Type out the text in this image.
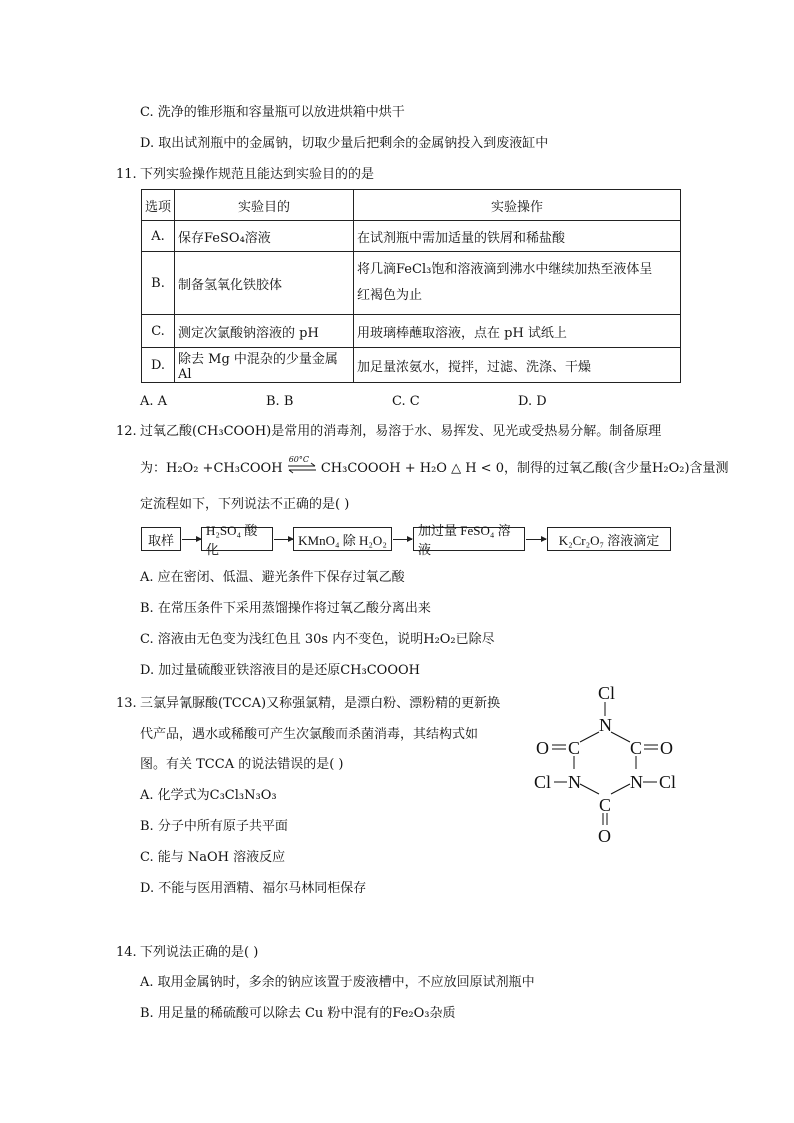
C. 洗净的锥形瓶和容量瓶可以放进烘箱中烘干
D. 取出试剂瓶中的金属钠，切取少量后把剩余的金属钠投入到废液缸中
11. 下列实验操作规范且能达到实验目的的是
选项	实验目的	实验操作
A.	保存FeSO₄溶液	在试剂瓶中需加适量的铁屑和稀盐酸
B.	制备氢氧化铁胶体	将几滴FeCl₃饱和溶液滴到沸水中继续加热至液体呈
红褐色为止

C.	测定次氯酸钠溶液的 pH	用玻璃棒蘸取溶液，点在 pH 试纸上
D.	除去 Mg 中混杂的少量金属 Al	加足量浓氨水，搅拌，过滤、洗涤、干燥
A. A	B. B	C. C	D. D
12. 过氧乙酸(CH₃COOH)是常用的消毒剂，易溶于水、易挥发、见光或受热易分解。制备原理
为：H₂O₂ +CH₃COOH
60°C
CH₃COOOH + H₂O △ H < 0，制得的过氧乙酸(含少量H₂O₂)含量测
定流程如下，下列说法不正确的是( )
取样
H₂SO₄ 酸化
KMnO₄ 除 H₂O₂
加过量 FeSO₄ 溶液
K₂Cr₂O₇ 溶液滴定
A. 应在密闭、低温、避光条件下保存过氧乙酸
B. 在常压条件下采用蒸馏操作将过氧乙酸分离出来
C. 溶液由无色变为浅红色且 30s 内不变色，说明H₂O₂已除尽
D. 加过量硫酸亚铁溶液目的是还原CH₃COOOH
13. 三氯异氰脲酸(TCCA)又称强氯精，是漂白粉、漂粉精的更新换
代产品，遇水或稀酸可产生次氯酸而杀菌消毒，其结构式如
图。有关 TCCA 的说法错误的是( )
A. 化学式为C₃Cl₃N₃O₃
B. 分子中所有原子共平面
C. 能与 NaOH 溶液反应
D. 不能与医用酒精、福尔马林同柜保存
Cl
N
C	C
O	O
N	N
Cl	Cl
C
O
14. 下列说法正确的是( )
A. 取用金属钠时，多余的钠应该置于废液槽中，不应放回原试剂瓶中
B. 用足量的稀硫酸可以除去 Cu 粉中混有的Fe₂O₃杂质
